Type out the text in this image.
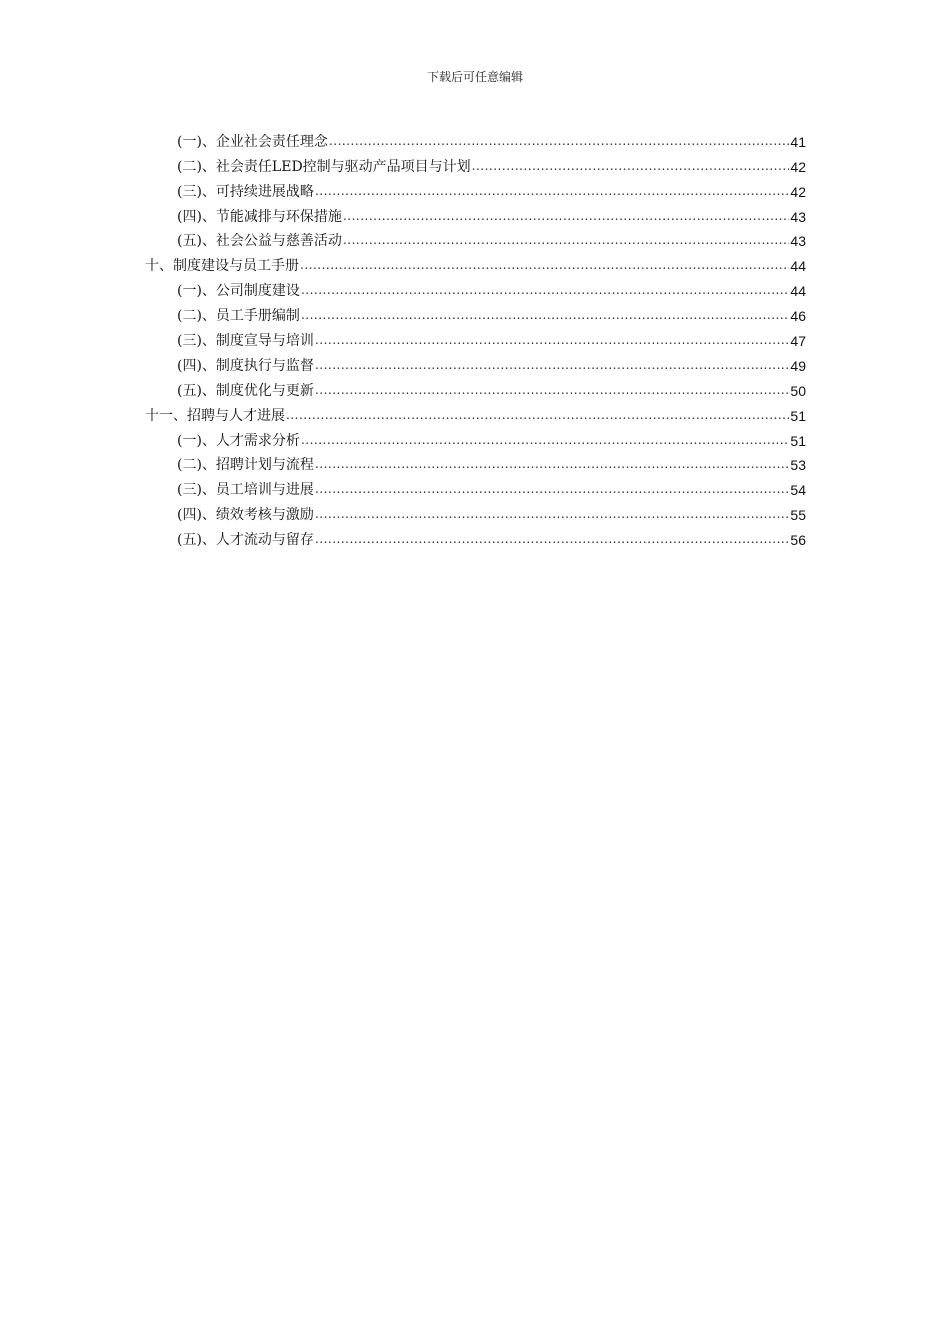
下载后可任意编辑
(一)、企业社会责任理念 .....	41
(二)、社会责任LED控制与驱动产品项目与计划 .....	42
(三)、可持续进展战略 .....	42
(四)、节能减排与环保措施 .....	43
(五)、社会公益与慈善活动 .....	43
十、制度建设与员工手册 .....	44
(一)、公司制度建设 .....	44
(二)、员工手册编制 .....	46
(三)、制度宣导与培训 .....	47
(四)、制度执行与监督 .....	49
(五)、制度优化与更新 .....	50
十一、招聘与人才进展 .....	51
(一)、人才需求分析 .....	51
(二)、招聘计划与流程 .....	53
(三)、员工培训与进展 .....	54
(四)、绩效考核与激励 .....	55
(五)、人才流动与留存 .....	56
